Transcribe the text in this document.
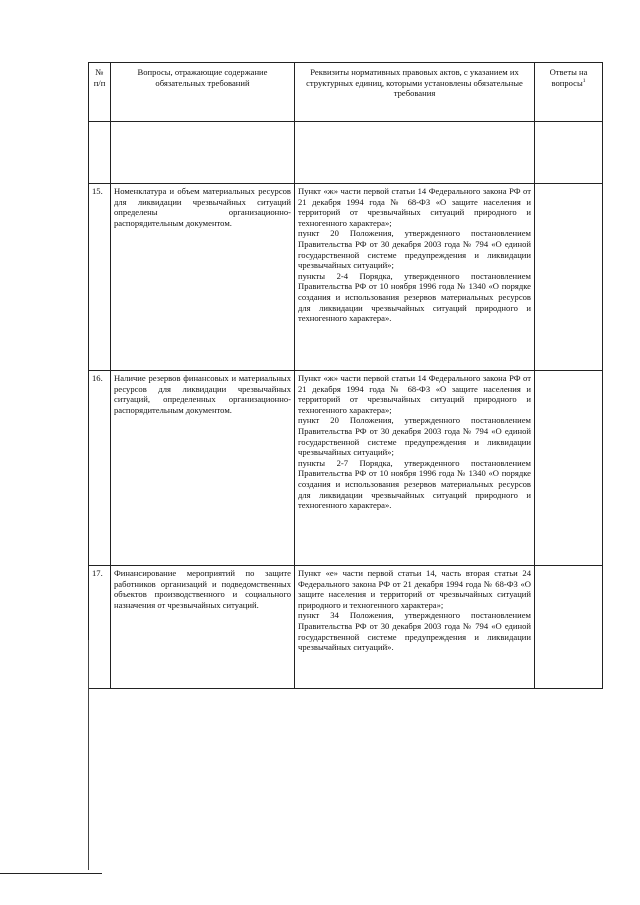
№ п/п	Вопросы, отражающие содержание обязательных требований	Реквизиты нормативных правовых актов, с указанием их структурных единиц, которыми установлены обязательные требования	Ответы на вопросы$^1$

15.	Номенклатура и объем материальных ресурсов для ликвидации чрезвычайных ситуаций определены организационно-распорядительным документом.	Пункт «ж» части первой статьи 14 Федерального закона РФ от 21 декабря 1994 года № 68-ФЗ «О защите населения и территорий от чрезвычайных ситуаций природного и техногенного характера»;

пункт 20 Положения, утвержденного постановлением Правительства РФ от 30 декабря 2003 года № 794 «О единой государственной системе предупреждения и ликвидации чрезвычайных ситуаций»;

пункты 2-4 Порядка, утвержденного постановлением Правительства РФ от 10 ноября 1996 года № 1340 «О порядке создания и использования резервов материальных ресурсов для ликвидации чрезвычайных ситуаций природного и техногенного характера».	

16.	Наличие резервов финансовых и материальных ресурсов для ликвидации чрезвычайных ситуаций, определенных организационно-распорядительным документом.	Пункт «ж» части первой статьи 14 Федерального закона РФ от 21 декабря 1994 года № 68-ФЗ «О защите населения и территорий от чрезвычайных ситуаций природного и техногенного характера»;

пункт 20 Положения, утвержденного постановлением Правительства РФ от 30 декабря 2003 года № 794 «О единой государственной системе предупреждения и ликвидации чрезвычайных ситуаций»;

пункты 2-7 Порядка, утвержденного постановлением Правительства РФ от 10 ноября 1996 года № 1340 «О порядке создания и использования резервов материальных ресурсов для ликвидации чрезвычайных ситуаций природного и техногенного характера».	

17.	Финансирование мероприятий по защите работников организаций и подведомственных объектов производственного и социального назначения от чрезвычайных ситуаций.	Пункт «е» части первой статьи 14, часть вторая статьи 24 Федерального закона РФ от 21 декабря 1994 года № 68-ФЗ «О защите населения и территорий от чрезвычайных ситуаций природного и техногенного характера»;

пункт 34 Положения, утвержденного постановлением Правительства РФ от 30 декабря 2003 года № 794 «О единой государственной системе предупреждения и ликвидации чрезвычайных ситуаций».	
